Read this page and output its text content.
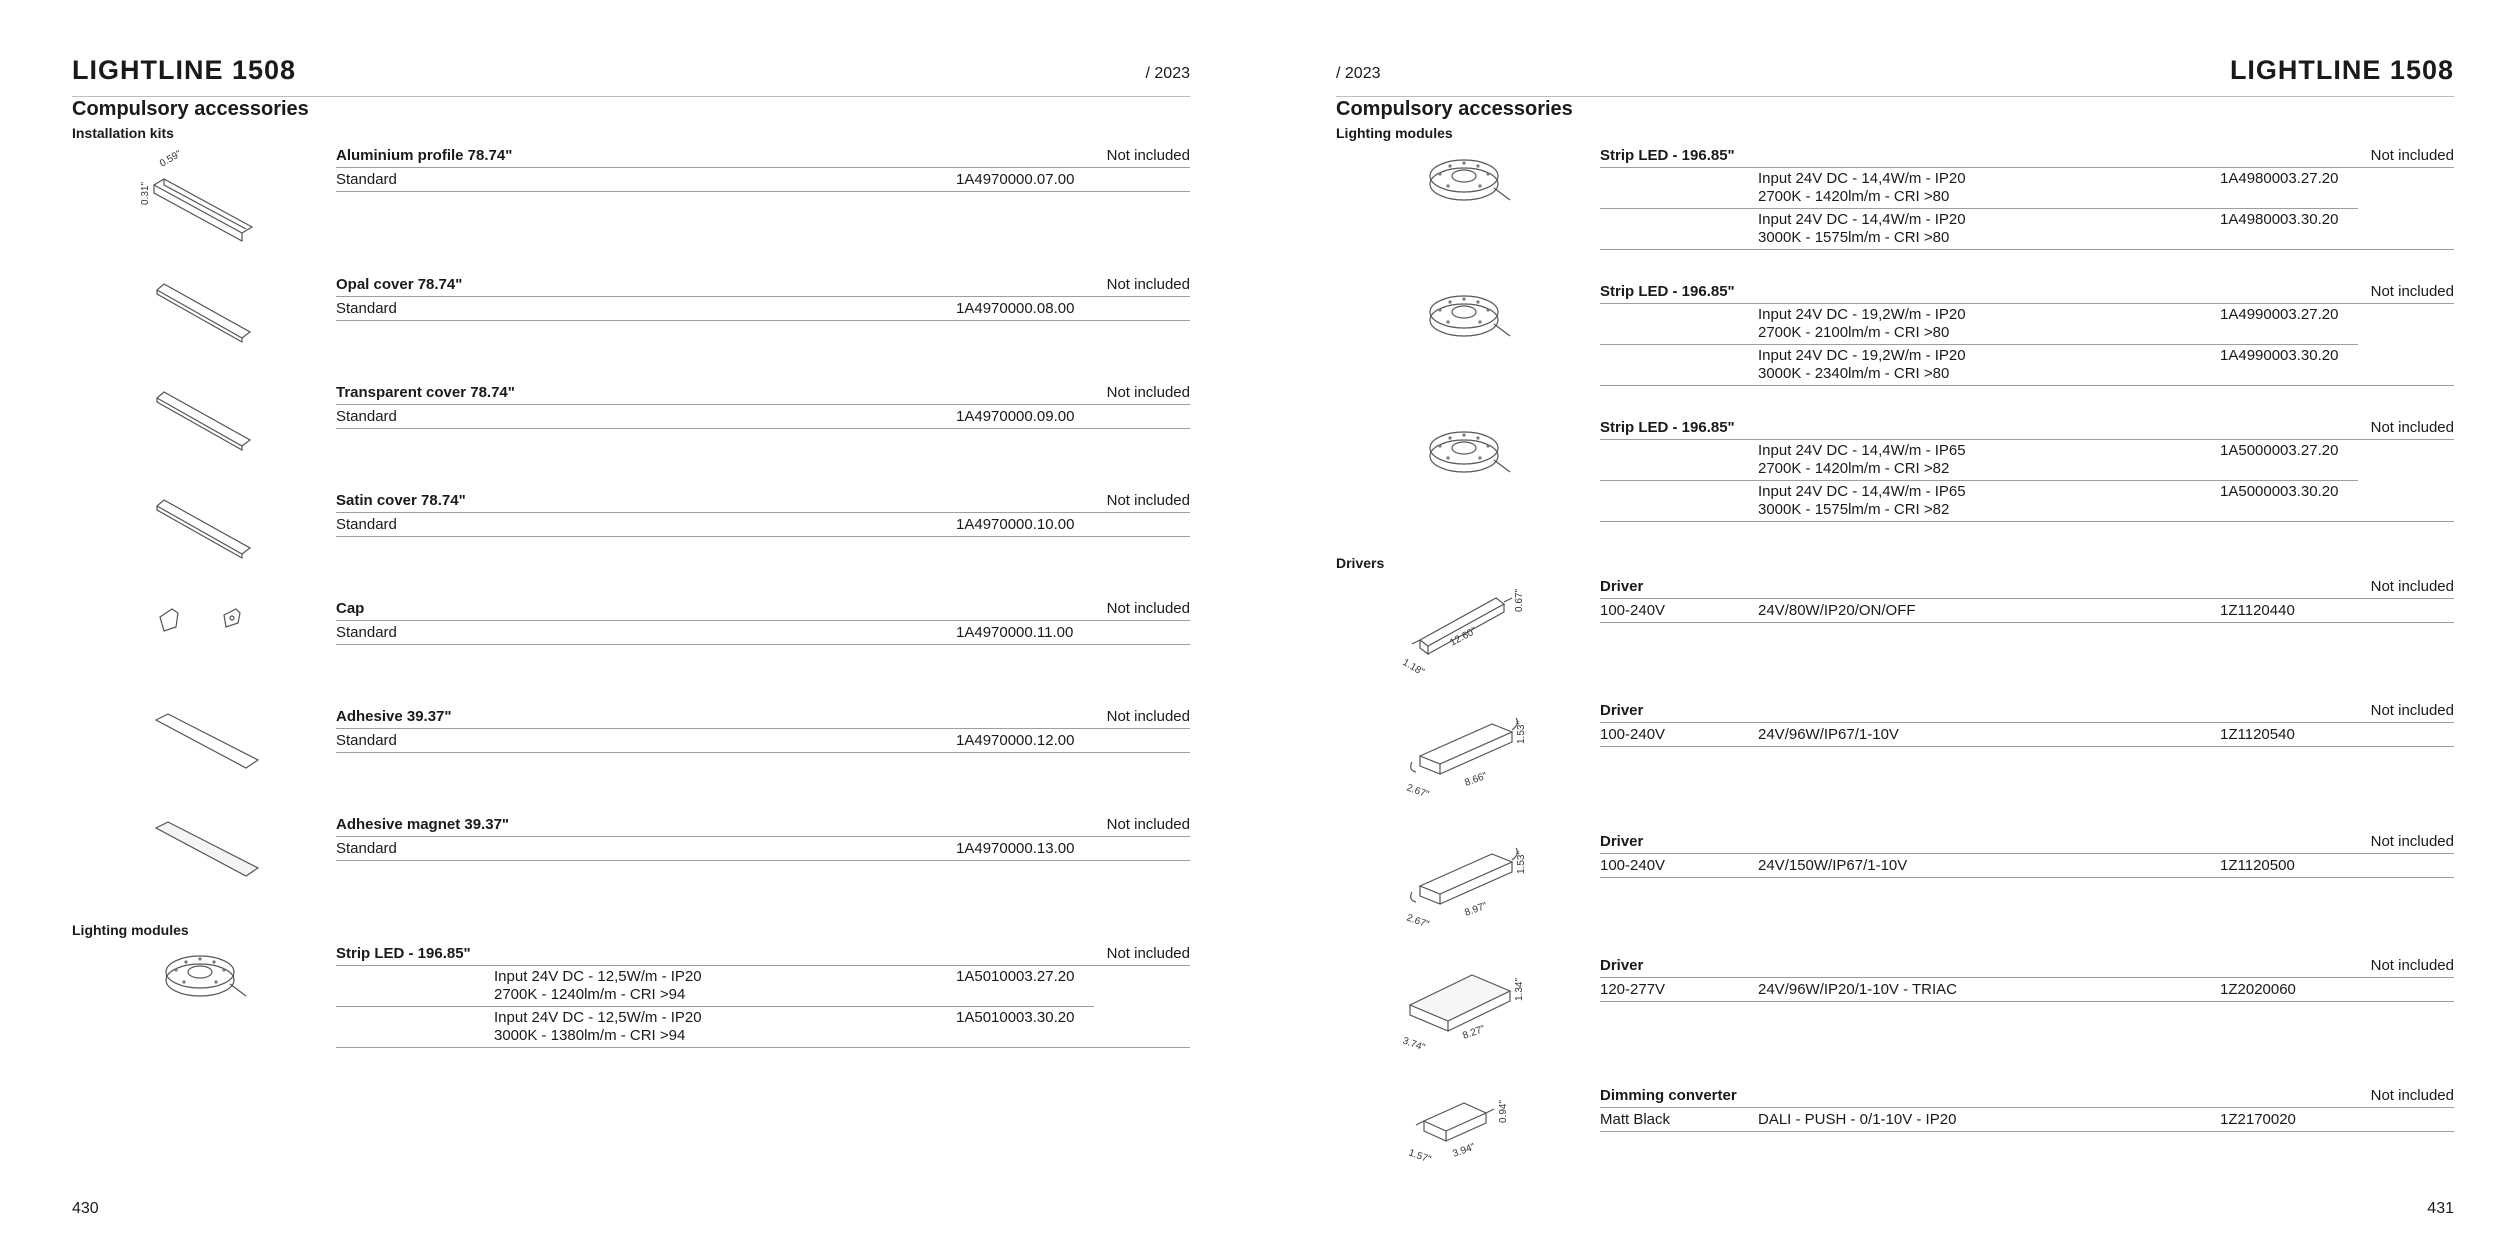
LIGHTLINE 1508	/ 2023
Compulsory accessories
Installation kits
0.59"
0.31"
Aluminium profile 78.74"	Not included
Standard	1A4970000.07.00
Opal cover 78.74"	Not included
Standard	1A4970000.08.00
Transparent cover 78.74"	Not included
Standard	1A4970000.09.00
Satin cover 78.74"	Not included
Standard	1A4970000.10.00
Cap	Not included
Standard	1A4970000.11.00
Adhesive 39.37"	Not included
Standard	1A4970000.12.00
Adhesive magnet 39.37"	Not included
Standard	1A4970000.13.00
Lighting modules
Strip LED - 196.85"	Not included
Input 24V DC - 12,5W/m - IP20
2700K - 1240lm/m - CRI >94
1A5010003.27.20
Input 24V DC - 12,5W/m - IP20
3000K - 1380lm/m - CRI >94
1A5010003.30.20
430
/ 2023	LIGHTLINE 1508
Compulsory accessories
Lighting modules
Strip LED - 196.85"	Not included
Input 24V DC - 14,4W/m - IP20
2700K - 1420lm/m - CRI >80
1A4980003.27.20
Input 24V DC - 14,4W/m - IP20
3000K - 1575lm/m - CRI >80
1A4980003.30.20
Strip LED - 196.85"	Not included
Input 24V DC - 19,2W/m - IP20
2700K - 2100lm/m - CRI >80
1A4990003.27.20
Input 24V DC - 19,2W/m - IP20
3000K - 2340lm/m - CRI >80
1A4990003.30.20
Strip LED - 196.85"	Not included
Input 24V DC - 14,4W/m - IP65
2700K - 1420lm/m - CRI >82
1A5000003.27.20
Input 24V DC - 14,4W/m - IP65
3000K - 1575lm/m - CRI >82
1A5000003.30.20
Drivers
1.18"
12.60"
0.67"
2.67"
8.66"
1.53"
2.67"
8.97"
1.53"
3.74"
8.27"
1.34"
1.57" 3.94"
0.94"
Driver	Not included
100-240V	24V/80W/IP20/ON/OFF	1Z1120440
Driver	Not included
100-240V	24V/96W/IP67/1-10V	1Z1120540
Driver	Not included
100-240V	24V/150W/IP67/1-10V	1Z1120500
Driver	Not included
120-277V	24V/96W/IP20/1-10V - TRIAC	1Z2020060
Dimming converter	Not included
Matt Black	DALI - PUSH - 0/1-10V - IP20	1Z2170020
431
